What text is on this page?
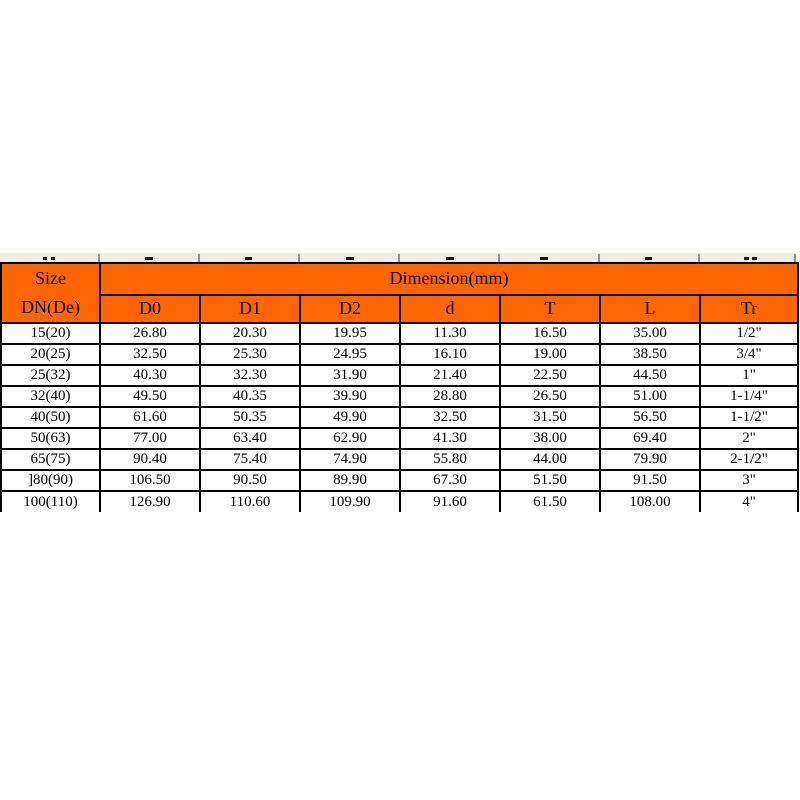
Size
DN(De)	Dimension(mm)						
	D0	D1	D2	d	T	L	Tr
15(20)	26.80	20.30	19.95	11.30	16.50	35.00	1/2"
20(25)	32.50	25.30	24.95	16.10	19.00	38.50	3/4"
25(32)	40.30	32.30	31.90	21.40	22.50	44.50	1"
32(40)	49.50	40.35	39.90	28.80	26.50	51.00	1-1/4"
40(50)	61.60	50.35	49.90	32.50	31.50	56.50	1-1/2"
50(63)	77.00	63.40	62.90	41.30	38.00	69.40	2"
65(75)	90.40	75.40	74.90	55.80	44.00	79.90	2-1/2"
]80(90)	106.50	90.50	89.90	67.30	51.50	91.50	3"
100(110)	126.90	110.60	109.90	91.60	61.50	108.00	4"
